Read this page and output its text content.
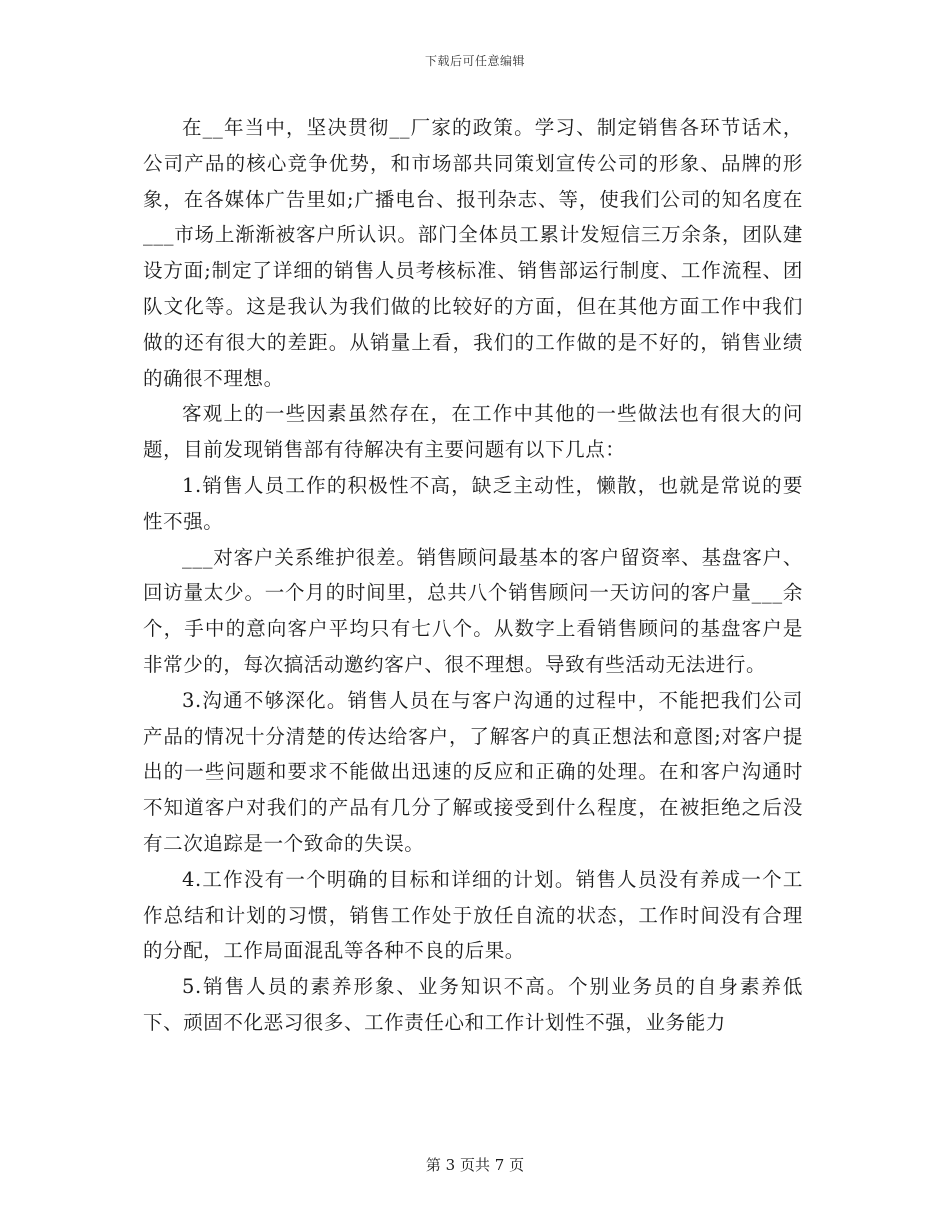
下载后可任意编辑

在__年当中，坚决贯彻__厂家的政策。学习、制定销售各环节话术，公司产品的核心竞争优势，和市场部共同策划宣传公司的形象、品牌的形象，在各媒体广告里如;广播电台、报刊杂志、等，使我们公司的知名度在___市场上渐渐被客户所认识。部门全体员工累计发短信三万余条，团队建设方面;制定了详细的销售人员考核标准、销售部运行制度、工作流程、团队文化等。这是我认为我们做的比较好的方面，但在其他方面工作中我们做的还有很大的差距。从销量上看，我们的工作做的是不好的，销售业绩的确很不理想。

客观上的一些因素虽然存在，在工作中其他的一些做法也有很大的问题，目前发现销售部有待解决有主要问题有以下几点：

1.销售人员工作的积极性不高，缺乏主动性，懒散，也就是常说的要性不强。

___对客户关系维护很差。销售顾问最基本的客户留资率、基盘客户、回访量太少。一个月的时间里，总共八个销售顾问一天访问的客户量___余个，手中的意向客户平均只有七八个。从数字上看销售顾问的基盘客户是非常少的，每次搞活动邀约客户、很不理想。导致有些活动无法进行。

3.沟通不够深化。销售人员在与客户沟通的过程中，不能把我们公司产品的情况十分清楚的传达给客户，了解客户的真正想法和意图;对客户提出的一些问题和要求不能做出迅速的反应和正确的处理。在和客户沟通时不知道客户对我们的产品有几分了解或接受到什么程度，在被拒绝之后没有二次追踪是一个致命的失误。

4.工作没有一个明确的目标和详细的计划。销售人员没有养成一个工作总结和计划的习惯，销售工作处于放任自流的状态，工作时间没有合理的分配，工作局面混乱等各种不良的后果。

5.销售人员的素养形象、业务知识不高。个别业务员的自身素养低下、顽固不化恶习很多、工作责任心和工作计划性不强，业务能力

第 3 页共 7 页
